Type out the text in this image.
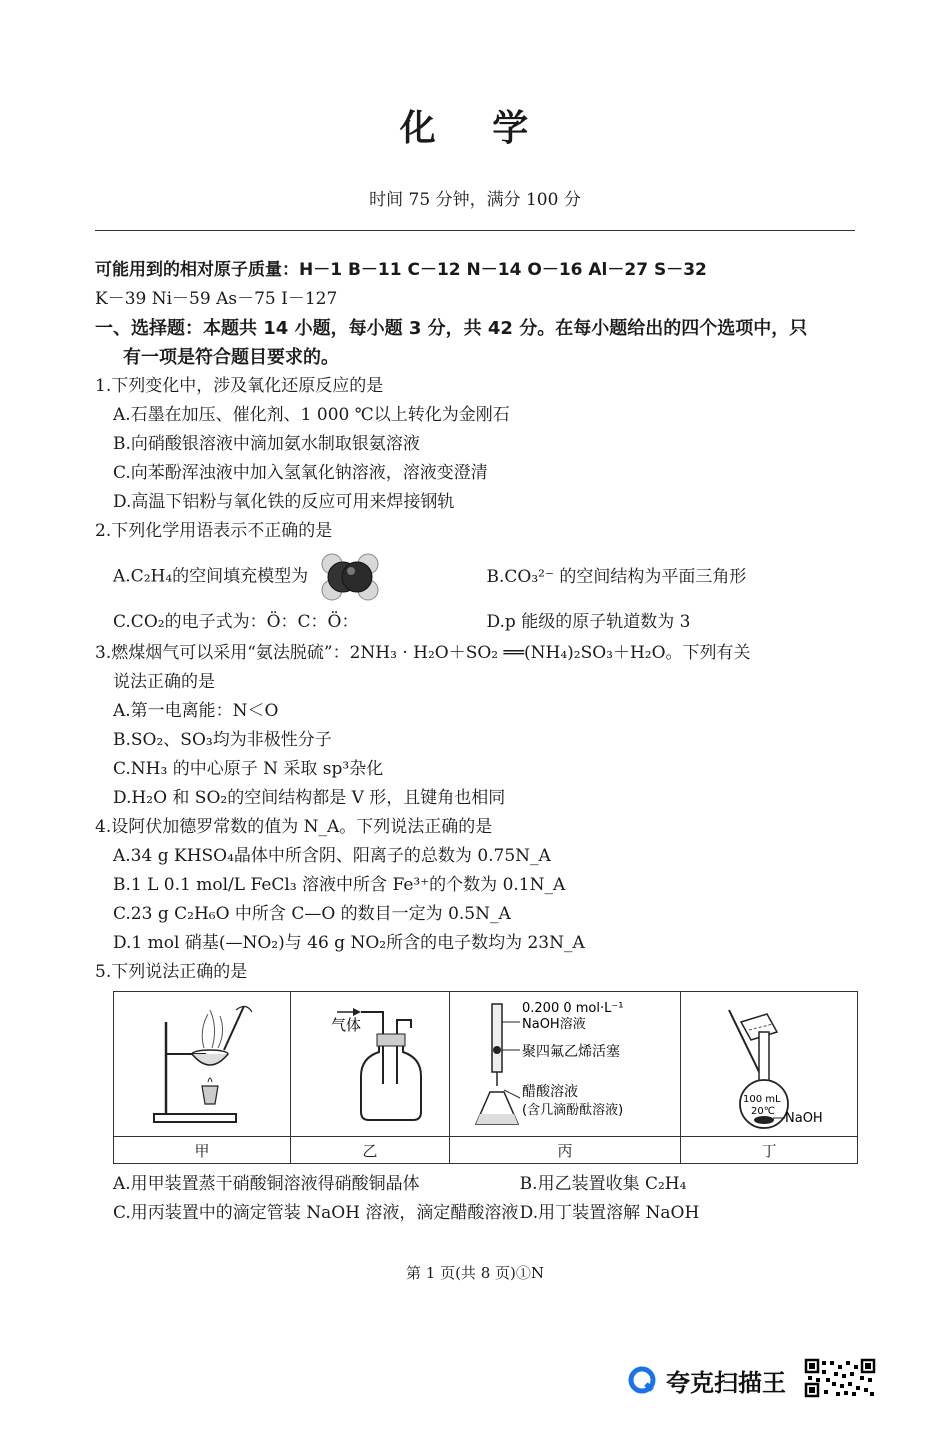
化 学

时间 75 分钟，满分 100 分

可能用到的相对原子质量：H－1 B－11 C－12 N－14 O－16 Al－27 S－32
K－39 Ni－59 As－75 I－127
一、选择题：本题共 14 小题，每小题 3 分，共 42 分。在每小题给出的四个选项中，只
有一项是符合题目要求的。
1.下列变化中，涉及氧化还原反应的是
A.石墨在加压、催化剂、1 000 ℃以上转化为金刚石
B.向硝酸银溶液中滴加氨水制取银氨溶液
C.向苯酚浑浊液中加入氢氧化钠溶液，溶液变澄清
D.高温下铝粉与氧化铁的反应可用来焊接钢轨
2.下列化学用语表示不正确的是
A.C₂H₄的空间填充模型为	B.CO₃²⁻ 的空间结构为平面三角形
C.CO₂的电子式为：Ö：C：Ö：	D.p 能级的原子轨道数为 3
3.燃煤烟气可以采用“氨法脱硫”：2NH₃ · H₂O＋SO₂ ══(NH₄)₂SO₃＋H₂O。下列有关
说法正确的是
A.第一电离能：N＜O
B.SO₂、SO₃均为非极性分子
C.NH₃ 的中心原子 N 采取 sp³杂化
D.H₂O 和 SO₂的空间结构都是 V 形，且键角也相同
4.设阿伏加德罗常数的值为 N_A。下列说法正确的是
A.34 g KHSO₄晶体中所含阴、阳离子的总数为 0.75N_A
B.1 L 0.1 mol/L FeCl₃ 溶液中所含 Fe³⁺的个数为 0.1N_A
C.23 g C₂H₆O 中所含 C—O 的数目一定为 0.5N_A
D.1 mol 硝基(—NO₂)与 46 g NO₂所含的电子数均为 23N_A
5.下列说法正确的是

气体	0.200 0 mol·L⁻¹
NaOH溶液
聚四氟乙烯活塞
醋酸溶液
(含几滴酚酞溶液)	100 mL
20℃ NaOH

甲	乙	丙	丁
A.用甲装置蒸干硝酸铜溶液得硝酸铜晶体	B.用乙装置收集 C₂H₄
C.用丙装置中的滴定管装 NaOH 溶液，滴定醋酸溶液 D.用丁装置溶解 NaOH

第 1 页(共 8 页)①N

夸克扫描王
